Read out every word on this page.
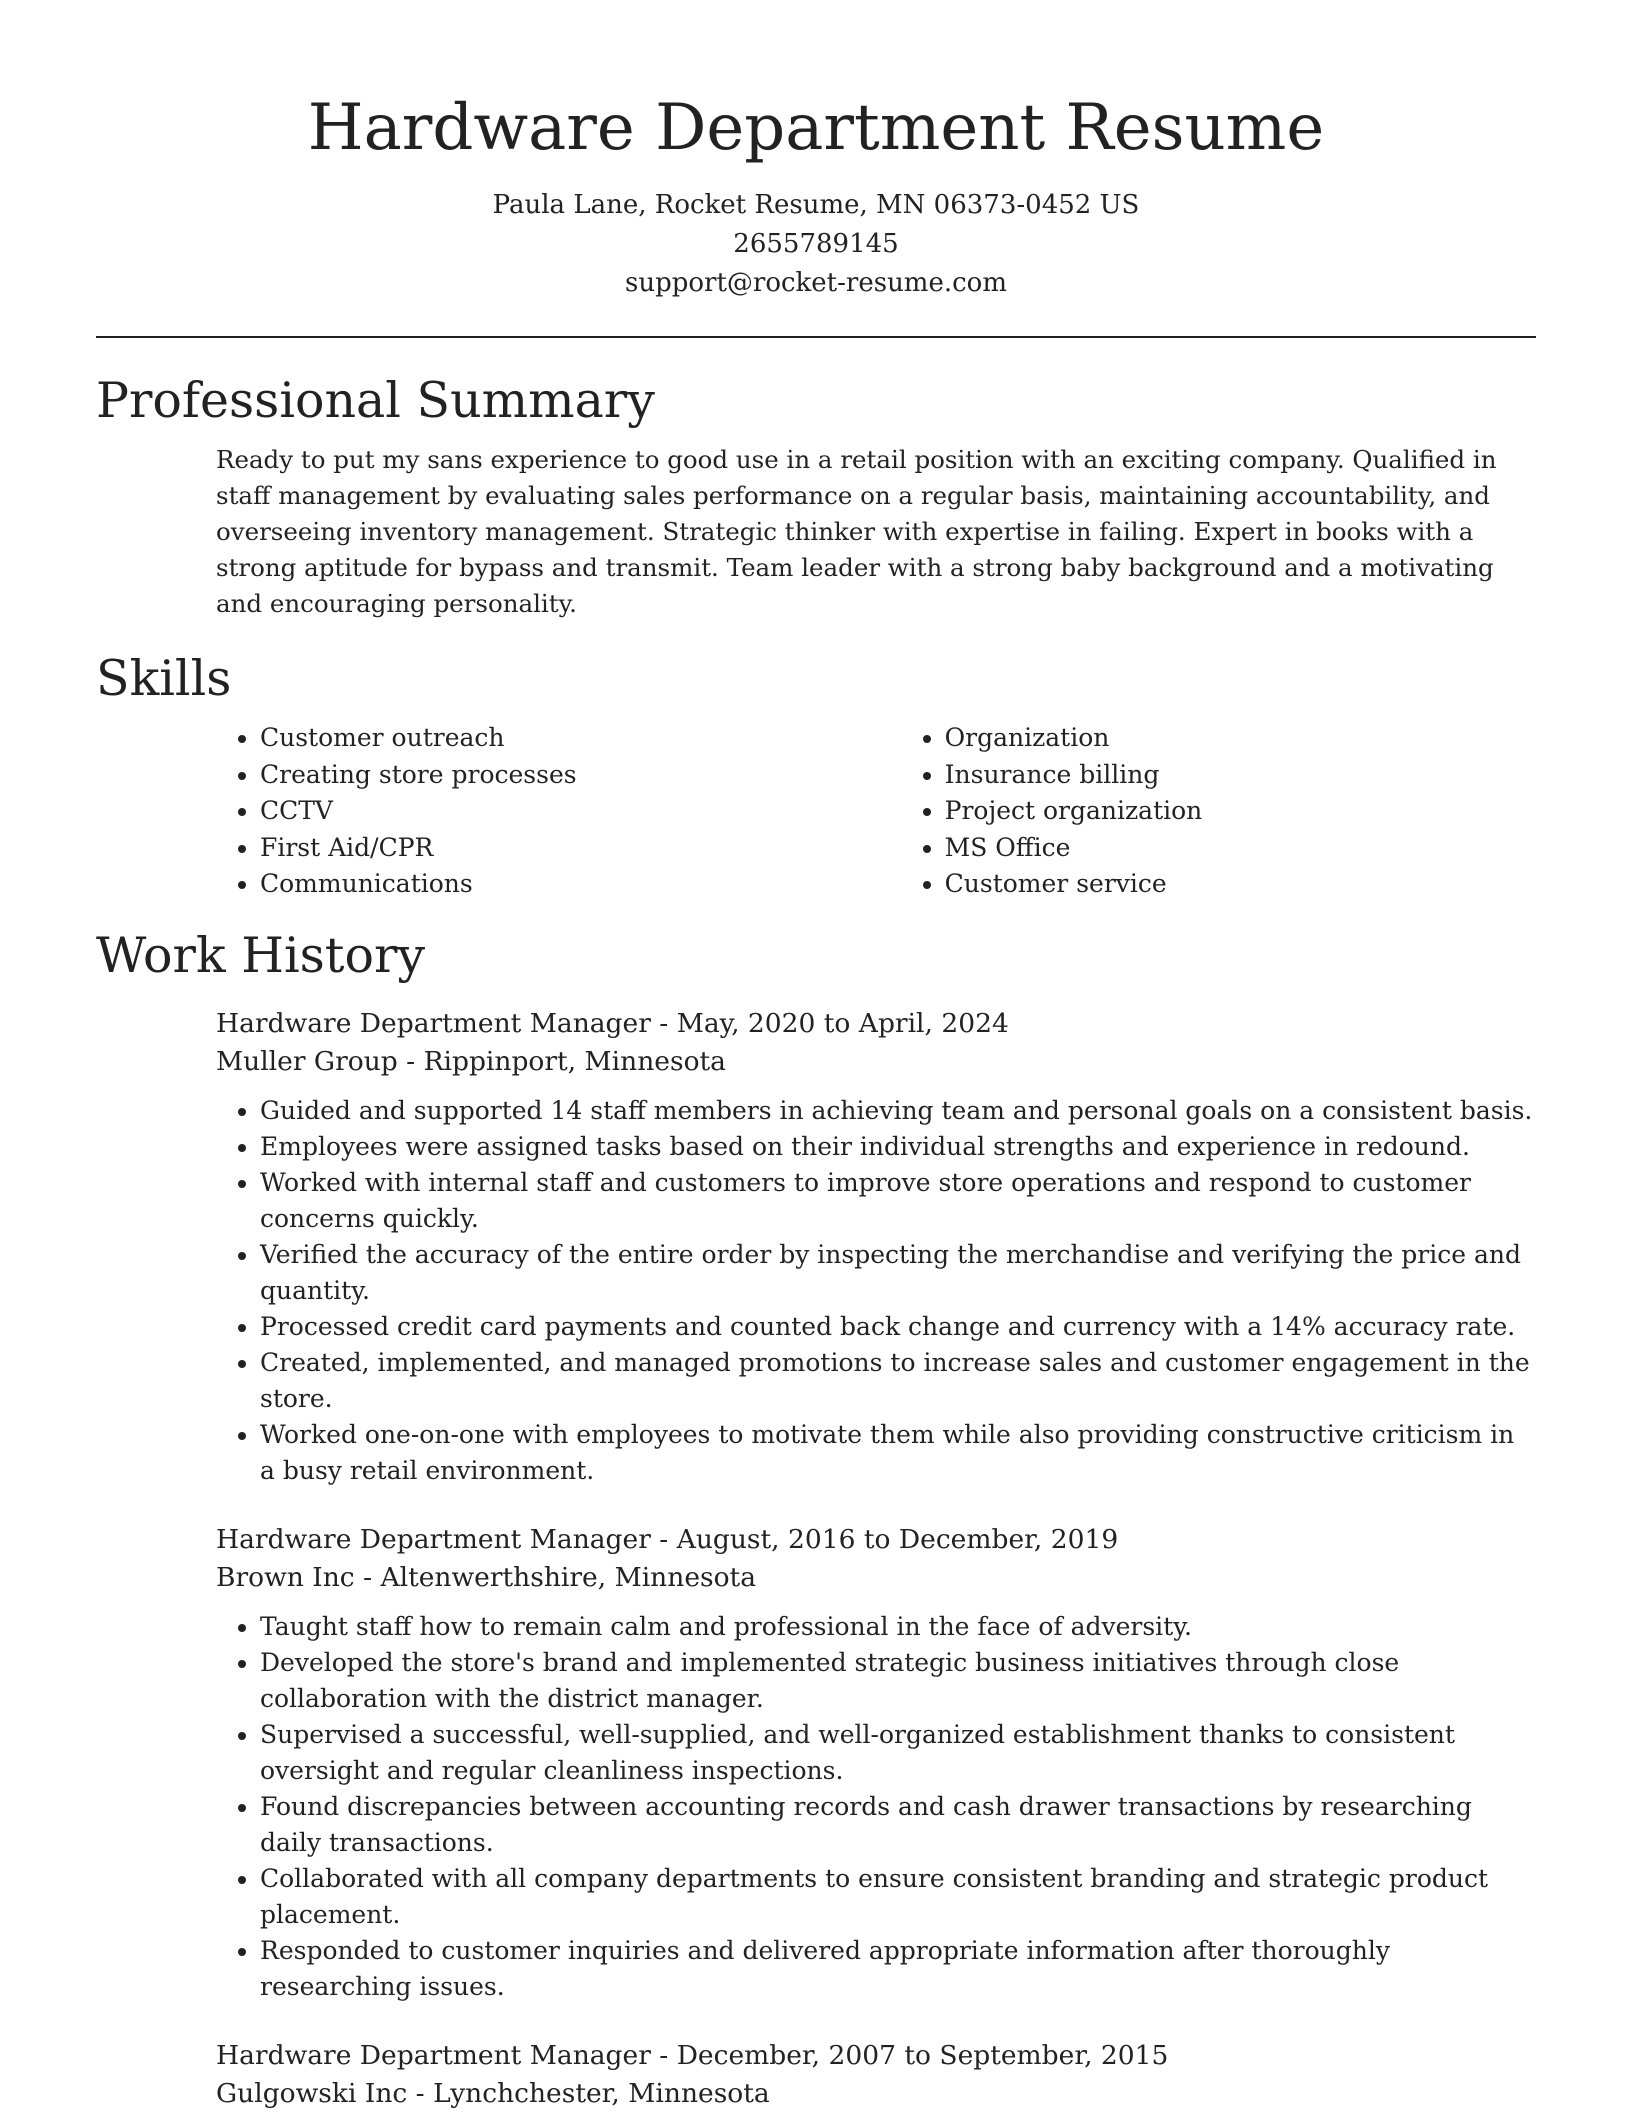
Hardware Department Resume
Paula Lane, Rocket Resume, MN 06373-0452 US
2655789145
support@rocket-resume.com
Professional Summary

Ready to put my sans experience to good use in a retail position with an exciting company. Qualified in staff management by evaluating sales performance on a regular basis, maintaining accountability, and overseeing inventory management. Strategic thinker with expertise in failing. Expert in books with a strong aptitude for bypass and transmit. Team leader with a strong baby background and a motivating and encouraging personality.

Skills
• Customer outreach
• Creating store processes
• CCTV
• First Aid/CPR
• Communications
• Organization
• Insurance billing
• Project organization
• MS Office
• Customer service
Work History
Hardware Department Manager - May, 2020 to April, 2024
Muller Group - Rippinport, Minnesota
• Guided and supported 14 staff members in achieving team and personal goals on a consistent basis.
• Employees were assigned tasks based on their individual strengths and experience in redound.
• Worked with internal staff and customers to improve store operations and respond to customer concerns quickly.
• Verified the accuracy of the entire order by inspecting the merchandise and verifying the price and quantity.
• Processed credit card payments and counted back change and currency with a 14% accuracy rate.
• Created, implemented, and managed promotions to increase sales and customer engagement in the store.
• Worked one-on-one with employees to motivate them while also providing constructive criticism in a busy retail environment.
Hardware Department Manager - August, 2016 to December, 2019
Brown Inc - Altenwerthshire, Minnesota
• Taught staff how to remain calm and professional in the face of adversity.
• Developed the store's brand and implemented strategic business initiatives through close collaboration with the district manager.
• Supervised a successful, well-supplied, and well-organized establishment thanks to consistent oversight and regular cleanliness inspections.
• Found discrepancies between accounting records and cash drawer transactions by researching daily transactions.
• Collaborated with all company departments to ensure consistent branding and strategic product placement.
• Responded to customer inquiries and delivered appropriate information after thoroughly researching issues.
Hardware Department Manager - December, 2007 to September, 2015
Gulgowski Inc - Lynchchester, Minnesota
